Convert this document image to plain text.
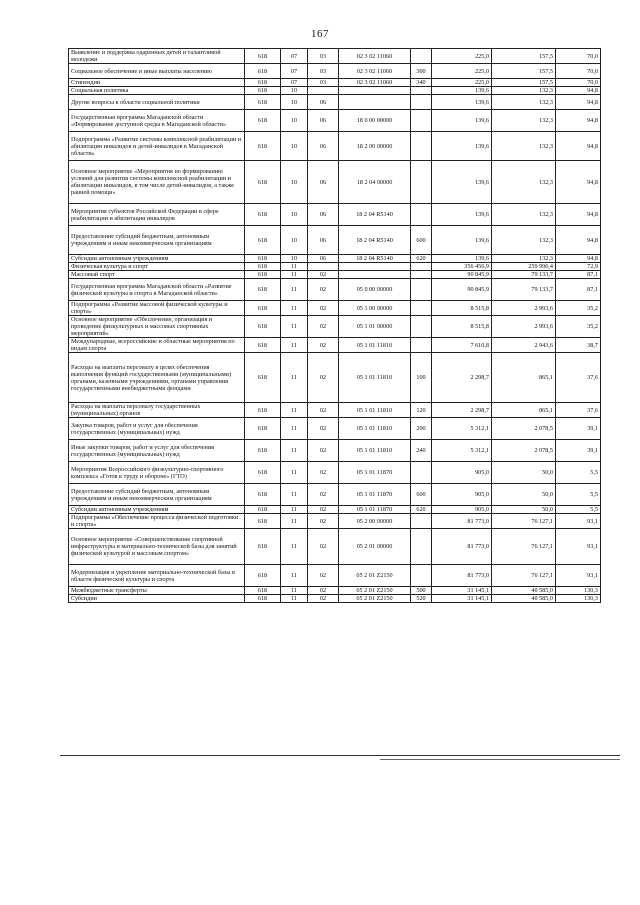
167
Выявление и поддержка одаренных детей и талантливой молодежи	618	07	03	02 3 02 11060		225,0	157,5	70,0
Социальное обеспечение и иные выплаты населению	618	07	03	02 3 02 11060	300	225,0	157,5	70,0
Стипендии	618	07	03	02 3 02 11060	340	225,0	157,5	70,0
Социальная политика	618	10				139,6	132,3	94,8
Другие вопросы в области социальной политики	618	10	06			139,6	132,3	94,8
Государственная программа Магаданской области «Формирование доступной среды в Магаданской области»	618	10	06	18 0 00 00000		139,6	132,3	94,8
Подпрограмма «Развитие системы комплексной реабилитации и абилитации инвалидов и детей-инвалидов в Магаданской области»	618	10	06	18 2 00 00000		139,6	132,3	94,8
Основное мероприятие «Мероприятия по формированию условий для развития системы комплексной реабилитации и абилитации инвалидов, в том числе детей-инвалидов, а также ранней помощи»	618	10	06	18 2 04 00000		139,6	132,3	94,8
Мероприятия субъектов Российской Федерации в сфере реабилитации и абилитации инвалидов	618	10	06	18 2 04 R5140		139,6	132,3	94,8
Предоставление субсидий бюджетным, автономным учреждениям и иным некоммерческим организациям	618	10	06	18 2 04 R5140	600	139,6	132,3	94,8
Субсидии автономным учреждениям	618	10	06	18 2 04 R5140	620	139,6	132,3	94,8
Физическая культура и спорт	618	11				356 456,9	259 996,4	72,9
Массовый спорт	618	11	02			90 845,9	79 133,7	87,1
Государственная программа Магаданской области «Развитие физической культуры и спорта в Магаданской области»	618	11	02	05 0 00 00000		90 845,9	79 133,7	87,1
Подпрограмма «Развитие массовой физической культуры и спорта»	618	11	02	05 1 00 00000		8 515,8	2 993,6	35,2
Основное мероприятие «Обеспечение, организация и проведение физкультурных и массовых спортивных мероприятий»	618	11	02	05 1 01 00000		8 515,8	2 993,6	35,2
Международные, всероссийские и областные мероприятия по видам спорта	618	11	02	05 1 01 11810		7 610,8	2 943,6	38,7
Расходы на выплаты персоналу в целях обеспечения выполнения функций государственными (муниципальными) органами, казенными учреждениями, органами управления государственными внебюджетными фондами	618	11	02	05 1 01 11810	100	2 298,7	865,1	37,6
Расходы на выплаты персоналу государственных (муниципальных) органов	618	11	02	05 1 01 11810	120	2 298,7	865,1	37,6
Закупка товаров, работ и услуг для обеспечения государственных (муниципальных) нужд	618	11	02	05 1 01 11810	200	5 312,1	2 078,5	39,1
Иные закупки товаров, работ и услуг для обеспечения государственных (муниципальных) нужд	618	11	02	05 1 01 11810	240	5 312,1	2 078,5	39,1
Мероприятия Всероссийского физкультурно-спортивного комплекса «Готов к труду и обороне» (ГТО)	618	11	02	05 1 01 11870		905,0	50,0	5,5
Предоставление субсидий бюджетным, автономным учреждениям и иным некоммерческим организациям	618	11	02	05 1 01 11870	600	905,0	50,0	5,5
Субсидии автономным учреждениям	618	11	02	05 1 01 11870	620	905,0	50,0	5,5
Подпрограмма «Обеспечение процесса физической подготовки и спорта»	618	11	02	05 2 00 00000		81 773,0	76 127,1	93,1
Основное мероприятие «Совершенствование спортивной инфраструктуры и материально-технической базы для занятий физической культурой и массовым спортом»	618	11	02	05 2 01 00000		81 773,0	76 127,1	93,1
Модернизация и укрепление материально-технической базы в области физической культуры и спорта	618	11	02	05 2 01 Z2150		81 773,0	76 127,1	93,1
Межбюджетные трансферты	618	11	02	05 2 01 Z2150	500	31 145,1	40 585,0	130,3
Субсидии	618	11	02	05 2 01 Z2150	520	31 145,1	40 585,0	130,3
